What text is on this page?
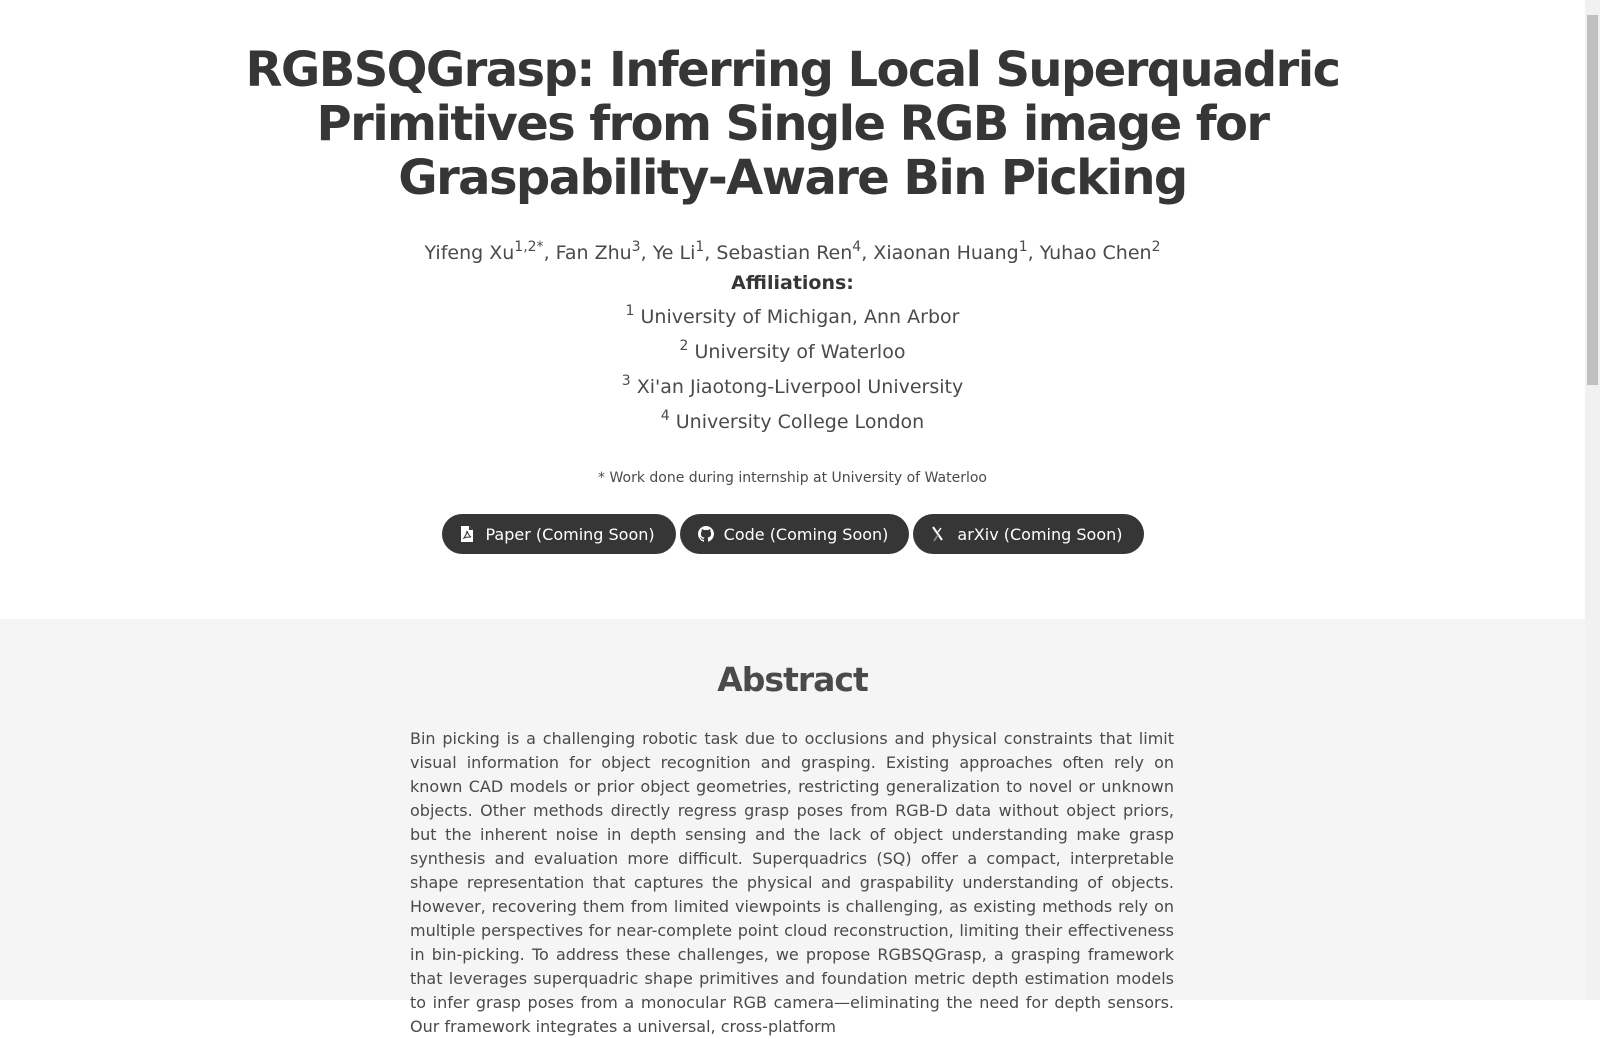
RGBSQGrasp: Inferring Local Superquadric
Primitives from Single RGB image for
Graspability-Aware Bin Picking
Yifeng $Xu^{1,2*}$, Fan Zhu$^3$, Ye Li$^1$, Sebastian Ren$^4$, Xiaonan Huang$^1$, Yuhao Chen$^2$
Affiliations:
$^1$ University of Michigan, Ann Arbor
$^2$ University of Waterloo
$^3$ Xi'an Jiaotong-Liverpool University
$^4$ University College London
* Work done during internship at University of Waterloo
Paper (Coming Soon)	Code (Coming Soon)	arXiv (Coming Soon)
Abstract

Bin picking is a challenging robotic task due to occlusions and physical constraints that limit visual information for object recognition and grasping. Existing approaches often rely on known CAD models or prior object geometries, restricting generalization to novel or unknown objects. Other methods directly regress grasp poses from RGB-D data without object priors, but the inherent noise in depth sensing and the lack of object understanding make grasp synthesis and evaluation more difficult. Superquadrics (SQ) offer a compact, interpretable shape representation that captures the physical and graspability understanding of objects. However, recovering them from limited viewpoints is challenging, as existing methods rely on multiple perspectives for near-complete point cloud reconstruction, limiting their effectiveness in bin-picking. To address these challenges, we propose RGBSQGrasp, a grasping framework that leverages superquadric shape primitives and foundation metric depth estimation models to infer grasp poses from a monocular RGB camera—eliminating the need for depth sensors. Our framework integrates a universal, cross-platform
